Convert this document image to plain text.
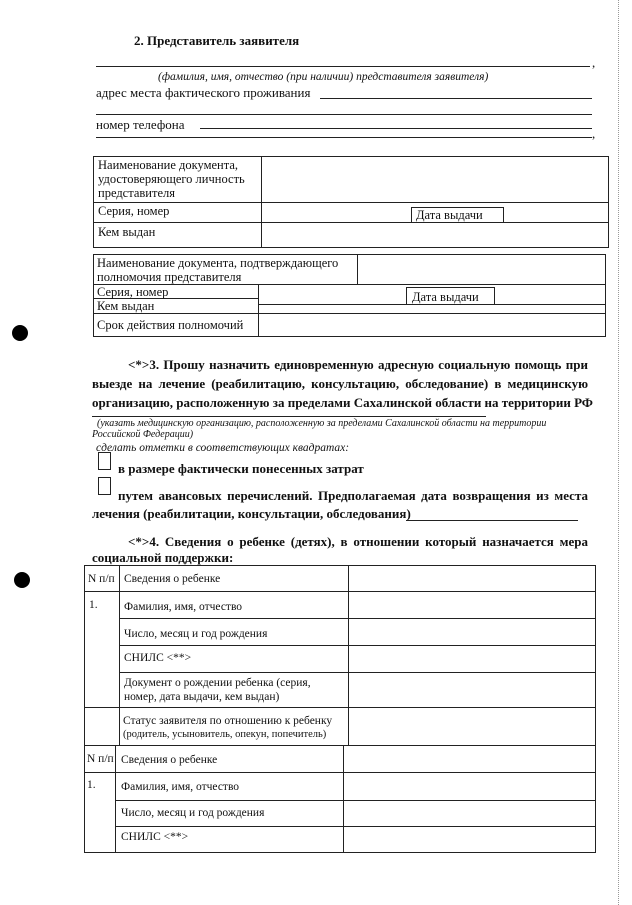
2. Представитель заявителя
,
(фамилия, имя, отчество (при наличии) представителя заявителя)
адрес места фактического проживания
номер телефона
,
Наименование документа, удостоверяющего личность представителя
Серия, номер	Дата выдачи
Кем выдан
Наименование документа, подтверждающего полномочия представителя
Серия, номер	Дата выдачи
Кем выдан
Срок действия полномочий
<*>3. Прошу назначить единовременную адресную социальную помощь при
выезде на лечение (реабилитацию, консультацию, обследование) в медицинскую
организацию, расположенную за пределами Сахалинской области на территории РФ
(указать медицинскую организацию, расположенную за пределами Сахалинской области на территории
Российской Федерации)
сделать отметки в соответствующих квадратах:
в размере фактически понесенных затрат
путем авансовых перечислений. Предполагаемая дата возвращения из места
лечения (реабилитации, консультации, обследования)
<*>4. Сведения о ребенке (детях), в отношении который назначается мера
социальной поддержки:
N п/п Сведения о ребенке
1. Фамилия, имя, отчество
Число, месяц и год рождения
СНИЛС <**>
Документ о рождении ребенка (серия,
номер, дата выдачи, кем выдан)
Статус заявителя по отношению к ребенку
(родитель, усыновитель, опекун, попечитель)
N п/п Сведения о ребенке
1. Фамилия, имя, отчество
Число, месяц и год рождения
СНИЛС <**>
